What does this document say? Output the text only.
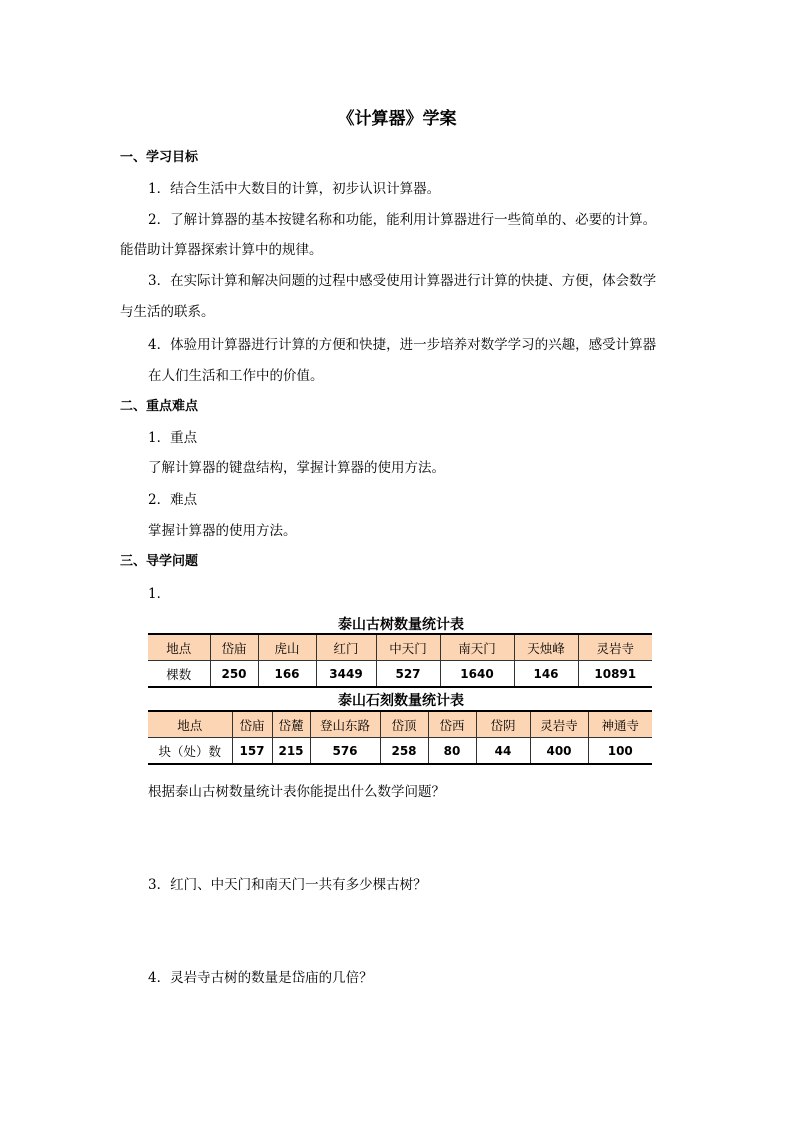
《计算器》学案
一、学习目标
1．结合生活中大数目的计算，初步认识计算器。
2．了解计算器的基本按键名称和功能，能利用计算器进行一些简单的、必要的计算。
能借助计算器探索计算中的规律。
3．在实际计算和解决问题的过程中感受使用计算器进行计算的快捷、方便，体会数学
与生活的联系。
4．体验用计算器进行计算的方便和快捷，进一步培养对数学学习的兴趣，感受计算器
在人们生活和工作中的价值。
二、重点难点
1．重点
了解计算器的键盘结构，掌握计算器的使用方法。
2．难点
掌握计算器的使用方法。
三、导学问题
1．
泰山古树数量统计表
地点	岱庙	虎山	红门	中天门	南天门	天烛峰	灵岩寺
棵数	250	166	3449	527	1640	146	10891
泰山石刻数量统计表
地点	岱庙	岱麓	登山东路	岱顶	岱西	岱阴	灵岩寺	神通寺
块（处）数	157	215	576	258	80	44	400	100
根据泰山古树数量统计表你能提出什么数学问题？
3．红门、中天门和南天门一共有多少棵古树？
4．灵岩寺古树的数量是岱庙的几倍？
